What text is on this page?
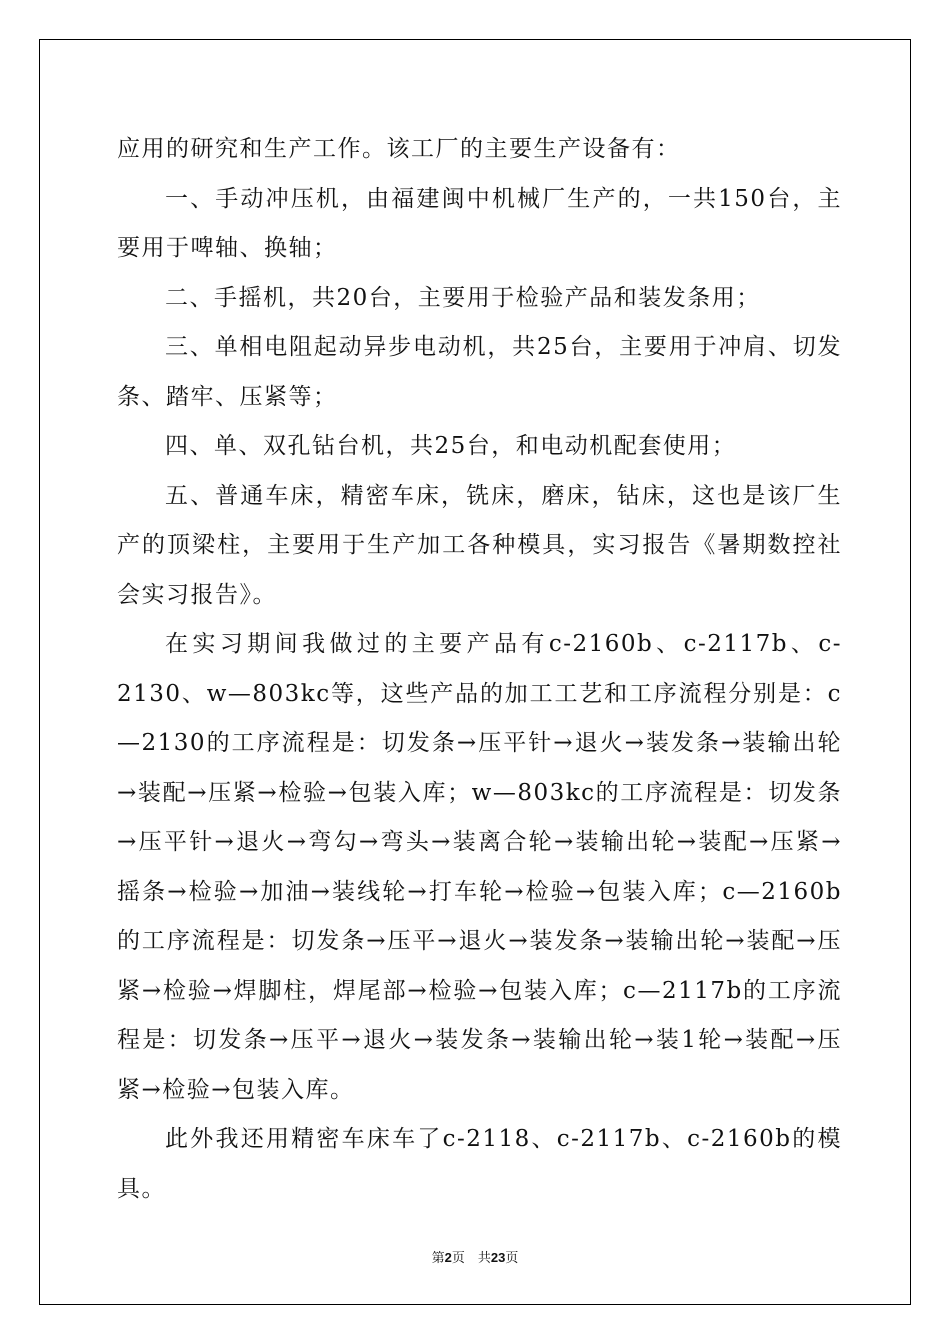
应用的研究和生产工作。该工厂的主要生产设备有：

一、手动冲压机，由福建闽中机械厂生产的，一共150台，主要用于啤轴、换轴；

二、手摇机，共20台，主要用于检验产品和装发条用；

三、单相电阻起动异步电动机，共25台，主要用于冲肩、切发条、踏牢、压紧等；

四、单、双孔钻台机，共25台，和电动机配套使用；

五、普通车床，精密车床，铣床，磨床，钻床，这也是该厂生产的顶梁柱，主要用于生产加工各种模具，实习报告《暑期数控社会实习报告》。

在实习期间我做过的主要产品有c-2160b、c-2117b、c-2130、w—803kc等，这些产品的加工工艺和工序流程分别是：c—2130的工序流程是：切发条→压平针→退火→装发条→装输出轮→装配→压紧→检验→包装入库；w—803kc的工序流程是：切发条→压平针→退火→弯勾→弯头→装离合轮→装输出轮→装配→压紧→摇条→检验→加油→装线轮→打车轮→检验→包装入库；c—2160b的工序流程是：切发条→压平→退火→装发条→装输出轮→装配→压紧→检验→焊脚柱，焊尾部→检验→包装入库；c—2117b的工序流程是：切发条→压平→退火→装发条→装输出轮→装1轮→装配→压紧→检验→包装入库。

此外我还用精密车床车了c-2118、c-2117b、c-2160b的模具。

第2页　共23页
